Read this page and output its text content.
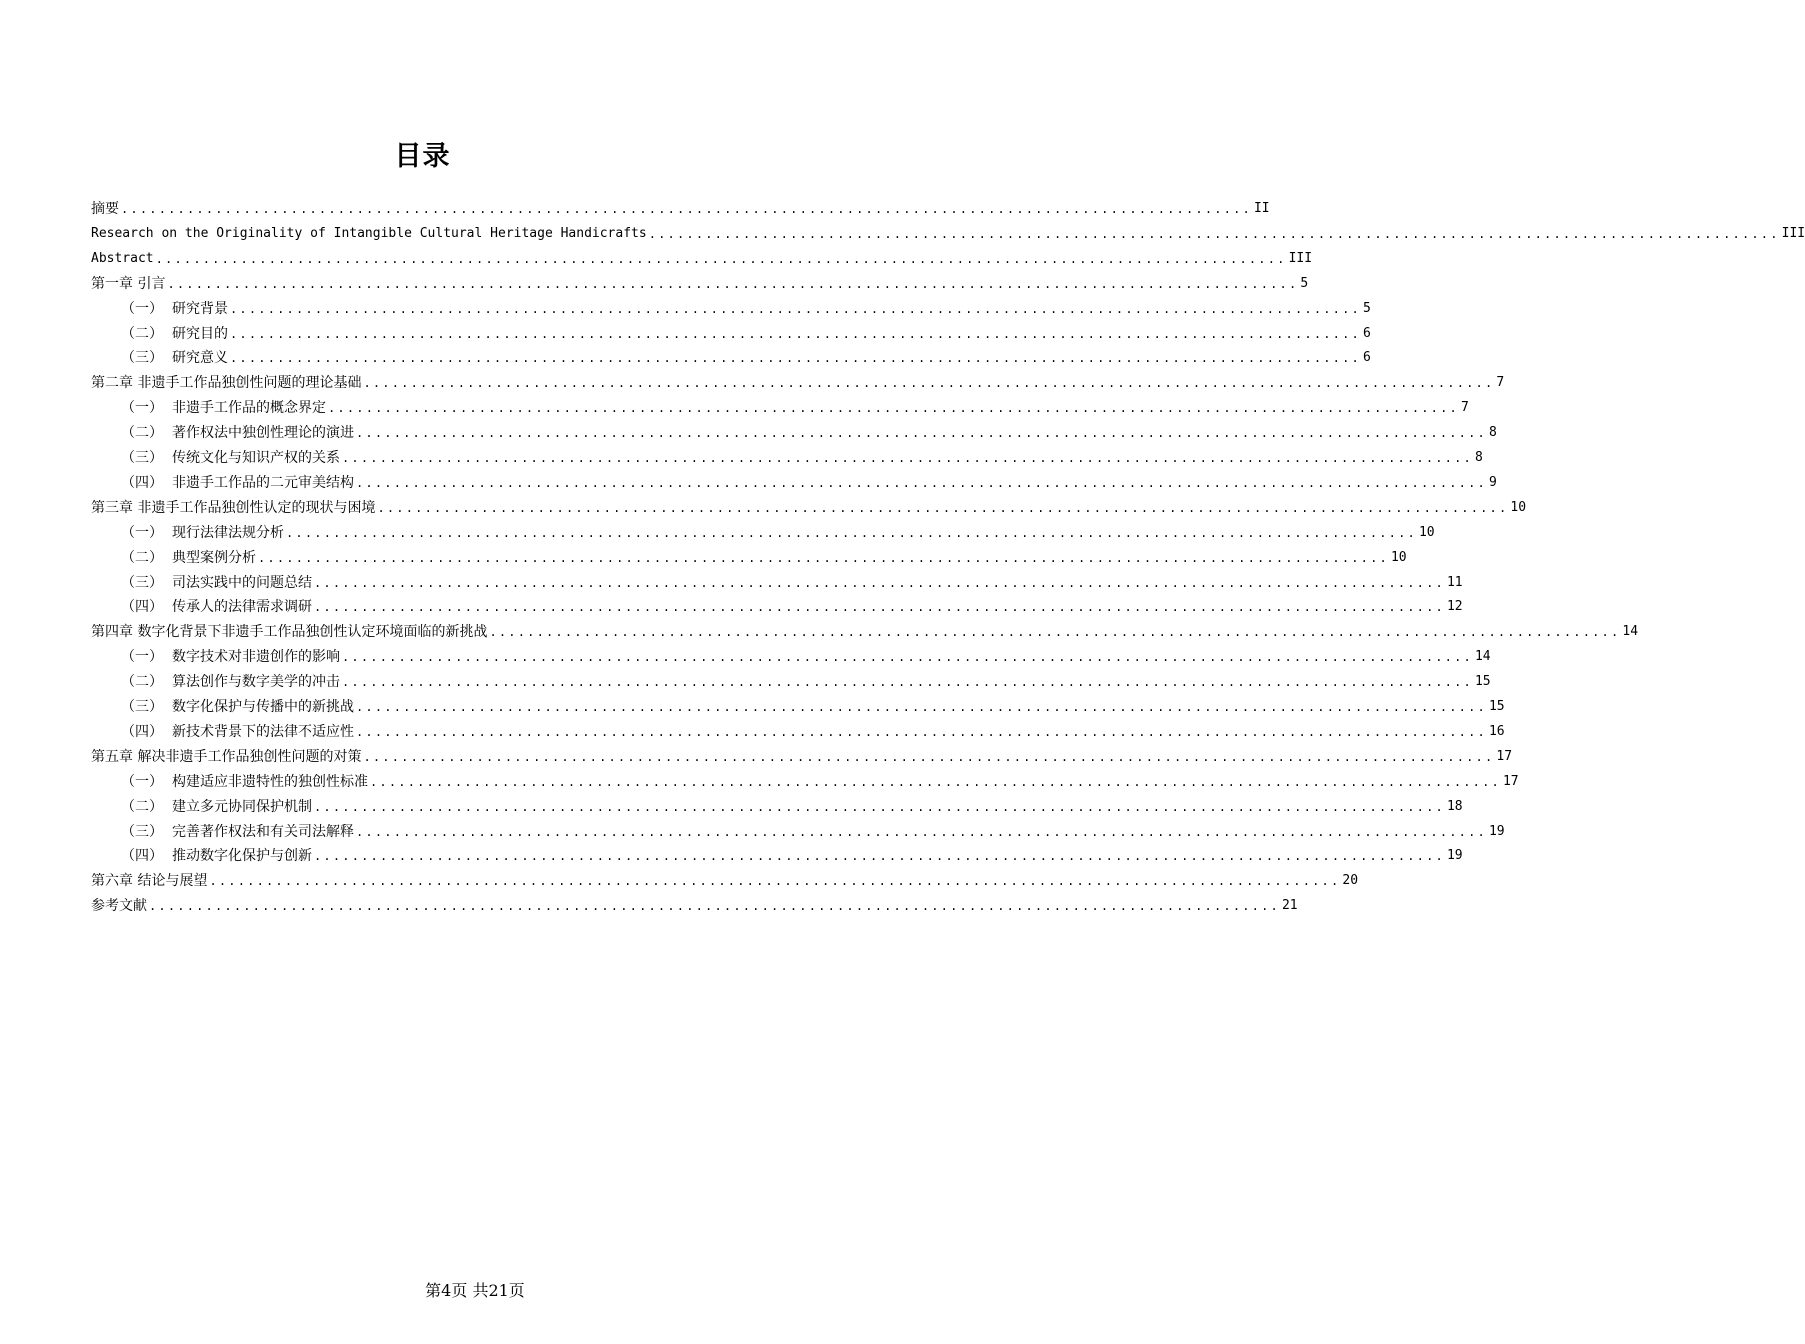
目录
摘要 ........................................................................................................................ II
Research on the Originality of Intangible Cultural Heritage Handicrafts ........................................................................................................................ III
Abstract ........................................................................................................................ III
第一章 引言 ........................................................................................................................ 5
（一） 研究背景 ........................................................................................................................ 5
（二） 研究目的 ........................................................................................................................ 6
（三） 研究意义 ........................................................................................................................ 6
第二章 非遗手工作品独创性问题的理论基础 ........................................................................................................................ 7
（一） 非遗手工作品的概念界定 ........................................................................................................................ 7
（二） 著作权法中独创性理论的演进 ........................................................................................................................ 8
（三） 传统文化与知识产权的关系 ........................................................................................................................ 8
（四） 非遗手工作品的二元审美结构 ........................................................................................................................ 9
第三章 非遗手工作品独创性认定的现状与困境 ........................................................................................................................ 10
（一） 现行法律法规分析 ........................................................................................................................ 10
（二） 典型案例分析 ........................................................................................................................ 10
（三） 司法实践中的问题总结 ........................................................................................................................ 11
（四） 传承人的法律需求调研 ........................................................................................................................ 12
第四章 数字化背景下非遗手工作品独创性认定环境面临的新挑战 ........................................................................................................................ 14
（一） 数字技术对非遗创作的影响 ........................................................................................................................ 14
（二） 算法创作与数字美学的冲击 ........................................................................................................................ 15
（三） 数字化保护与传播中的新挑战 ........................................................................................................................ 15
（四） 新技术背景下的法律不适应性 ........................................................................................................................ 16
第五章 解决非遗手工作品独创性问题的对策 ........................................................................................................................ 17
（一） 构建适应非遗特性的独创性标准 ........................................................................................................................ 17
（二） 建立多元协同保护机制 ........................................................................................................................ 18
（三） 完善著作权法和有关司法解释 ........................................................................................................................ 19
（四） 推动数字化保护与创新 ........................................................................................................................ 19
第六章 结论与展望 ........................................................................................................................ 20
参考文献 ........................................................................................................................ 21
第4页 共21页
